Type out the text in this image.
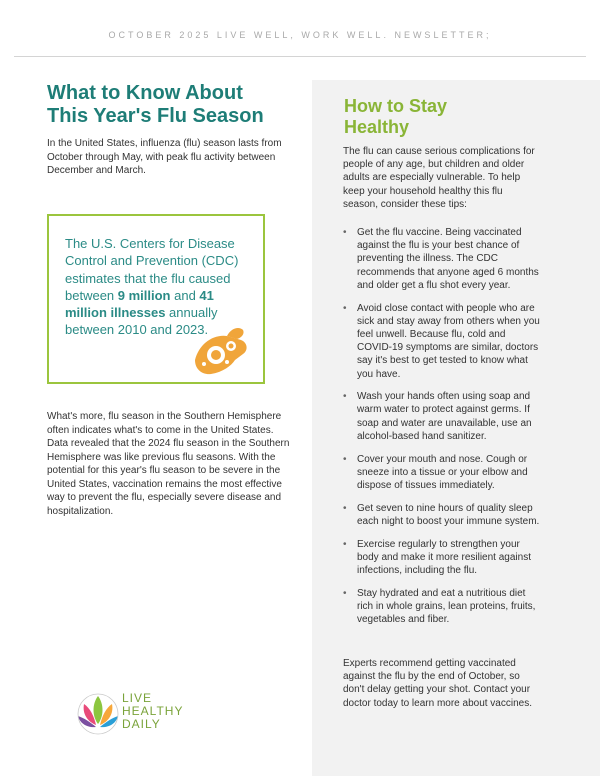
OCTOBER 2025 LIVE WELL, WORK WELL. NEWSLETTER;
What to Know About This Year's Flu Season

In the United States, influenza (flu) season lasts from October through May, with peak flu activity between December and March.

The U.S. Centers for Disease Control and Prevention (CDC) estimates that the flu caused between 9 million and 41 million illnesses annually between 2010 and 2023.

What's more, flu season in the Southern Hemisphere often indicates what's to come in the United States. Data revealed that the 2024 flu season in the Southern Hemisphere was like previous flu seasons. With the potential for this year's flu season to be severe in the United States, vaccination remains the most effective way to prevent the flu, especially severe disease and hospitalization.

LIVE
HEALTHY
DAILY
How to Stay Healthy

The flu can cause serious complications for people of any age, but children and older adults are especially vulnerable. To help keep your household healthy this flu season, consider these tips:

• Get the flu vaccine. Being vaccinated against the flu is your best chance of preventing the illness. The CDC recommends that anyone aged 6 months and older get a flu shot every year.
• Avoid close contact with people who are sick and stay away from others when you feel unwell. Because flu, cold and COVID-19 symptoms are similar, doctors say it's best to get tested to know what you have.
• Wash your hands often using soap and warm water to protect against germs. If soap and water are unavailable, use an alcohol-based hand sanitizer.
• Cover your mouth and nose. Cough or sneeze into a tissue or your elbow and dispose of tissues immediately.
• Get seven to nine hours of quality sleep each night to boost your immune system.
• Exercise regularly to strengthen your body and make it more resilient against infections, including the flu.
• Stay hydrated and eat a nutritious diet rich in whole grains, lean proteins, fruits, vegetables and fiber.

Experts recommend getting vaccinated against the flu by the end of October, so don't delay getting your shot. Contact your doctor today to learn more about vaccines.
